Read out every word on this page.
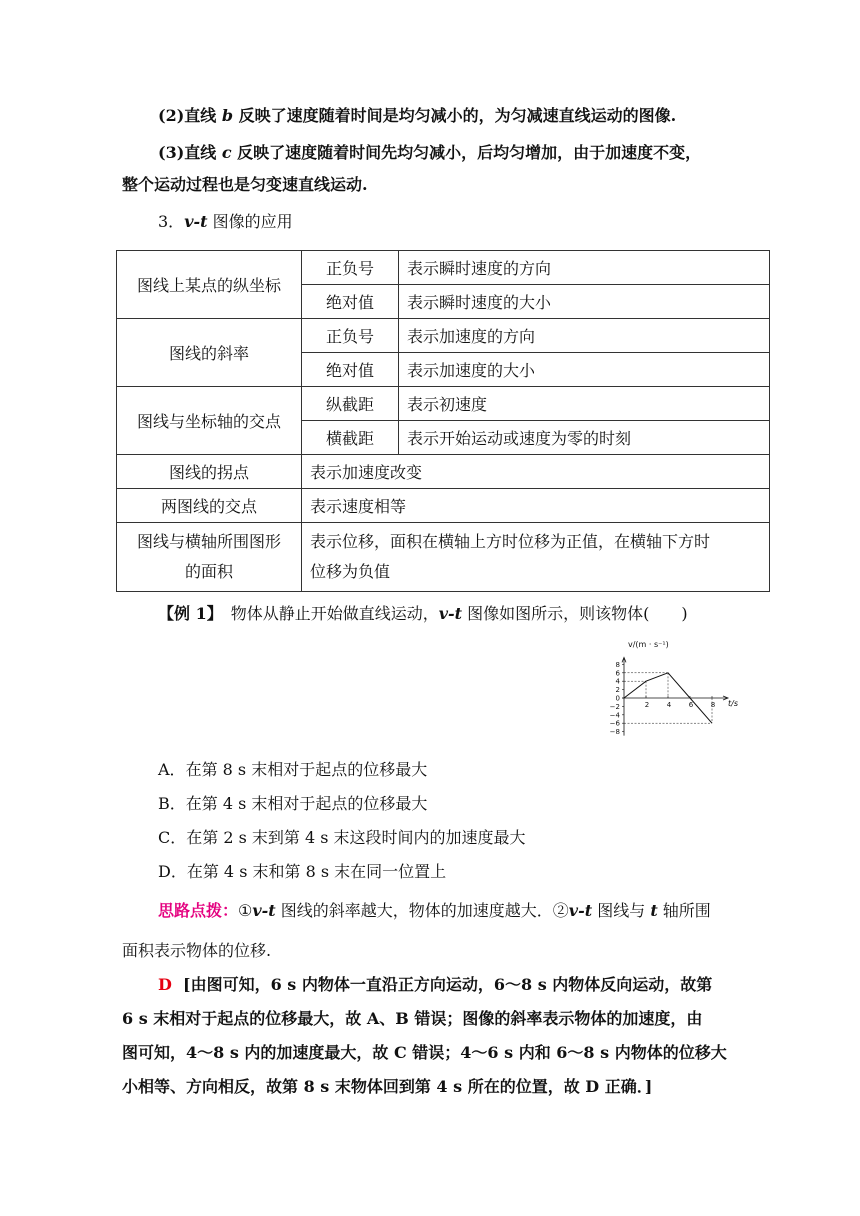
(2)直线 b 反映了速度随着时间是均匀减小的，为匀减速直线运动的图像.
(3)直线 c 反映了速度随着时间先均匀减小，后均匀增加，由于加速度不变，
整个运动过程也是匀变速直线运动.
3．v-t 图像的应用
图线上某点的纵坐标	正负号	表示瞬时速度的方向
	绝对值	表示瞬时速度的大小
图线的斜率	正负号	表示加速度的方向
	绝对值	表示加速度的大小
图线与坐标轴的交点	纵截距	表示初速度
	横截距	表示开始运动或速度为零的时刻
图线的拐点	表示加速度改变	
两图线的交点	表示速度相等	
图线与横轴所围图形
的面积	表示位移，面积在横轴上方时位移为正值，在横轴下方时
位移为负值	
【例 1】　物体从静止开始做直线运动，v-t 图像如图所示，则该物体(　　)
v/(m · s⁻¹)
t/s
8
6
4
2
0
−2
−4
−6
−8
2	4	6	8
A．在第 8 s 末相对于起点的位移最大
B．在第 4 s 末相对于起点的位移最大
C．在第 2 s 末到第 4 s 末这段时间内的加速度最大
D．在第 4 s 末和第 8 s 末在同一位置上
思路点拨：①v-t 图线的斜率越大，物体的加速度越大．②v-t 图线与 t 轴所围
面积表示物体的位移.
D [由图可知，6 s 内物体一直沿正方向运动，6～8 s 内物体反向运动，故第
6 s 末相对于起点的位移最大，故 A、B 错误；图像的斜率表示物体的加速度，由
图可知，4～8 s 内的加速度最大，故 C 错误；4～6 s 内和 6～8 s 内物体的位移大
小相等、方向相反，故第 8 s 末物体回到第 4 s 所在的位置，故 D 正确．]
